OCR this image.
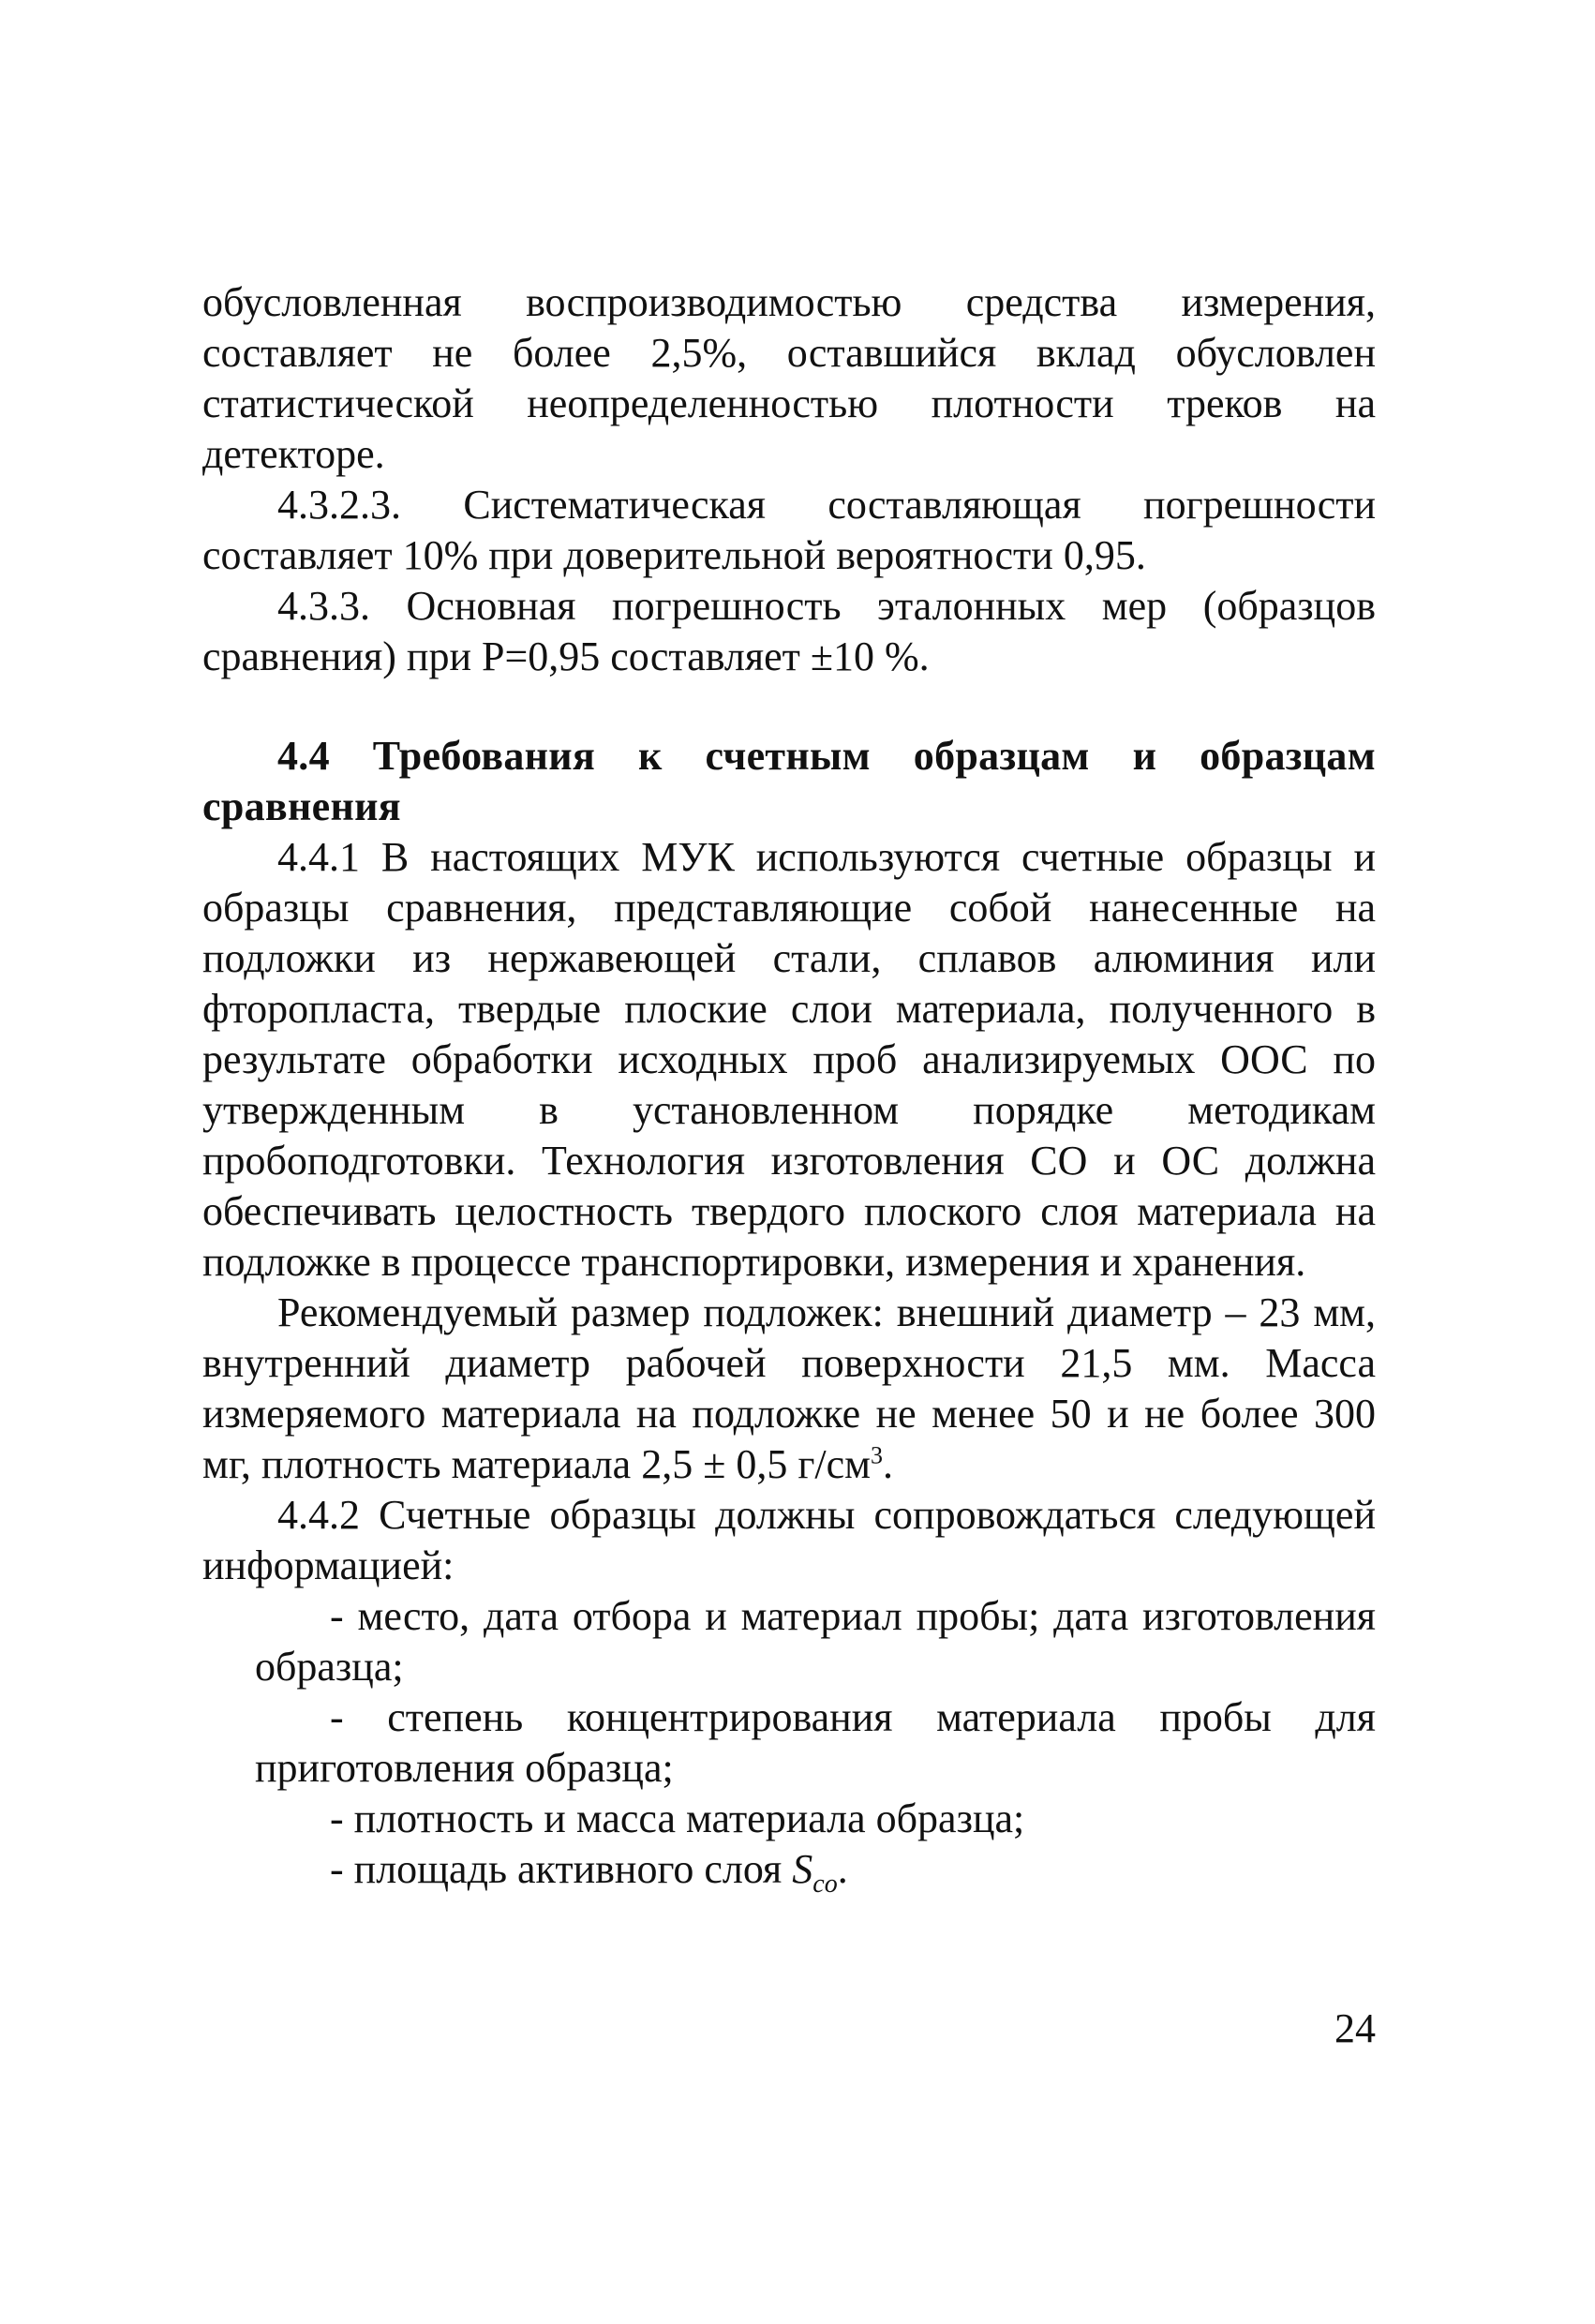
обусловленная воспроизводимостью средства измерения, составляет не более 2,5%, оставшийся вклад обусловлен статистической неопределенностью плотности треков на детекторе.

4.3.2.3. Систематическая составляющая погрешности составляет 10% при доверительной вероятности 0,95.

4.3.3. Основная погрешность эталонных мер (образцов сравнения) при Р=0,95 составляет ±10 %.

4.4 Требования к счетным образцам и образцам сравнения

4.4.1 В настоящих МУК используются счетные образцы и образцы сравнения, представляющие собой нанесенные на подложки из нержавеющей стали, сплавов алюминия или фторопласта, твердые плоские слои материала, полученного в результате обработки исходных проб анализируемых ООС по утвержденным в установленном порядке методикам пробоподготовки. Технология изготовления СО и ОС должна обеспечивать целостность твердого плоского слоя материала на подложке в процессе транспортировки, измерения и хранения.

Рекомендуемый размер подложек: внешний диаметр – 23 мм, внутренний диаметр рабочей поверхности 21,5 мм. Масса измеряемого материала на подложке не менее 50 и не более 300 мг, плотность материала 2,5 ± 0,5 $г/см^3$.

4.4.2 Счетные образцы должны сопровождаться следующей информацией:

- место, дата отбора и материал пробы; дата изготовления образца;

- степень концентрирования материала пробы для приготовления образца;

- плотность и масса материала образца;

- площадь активного слоя $S_{co}$.

24
